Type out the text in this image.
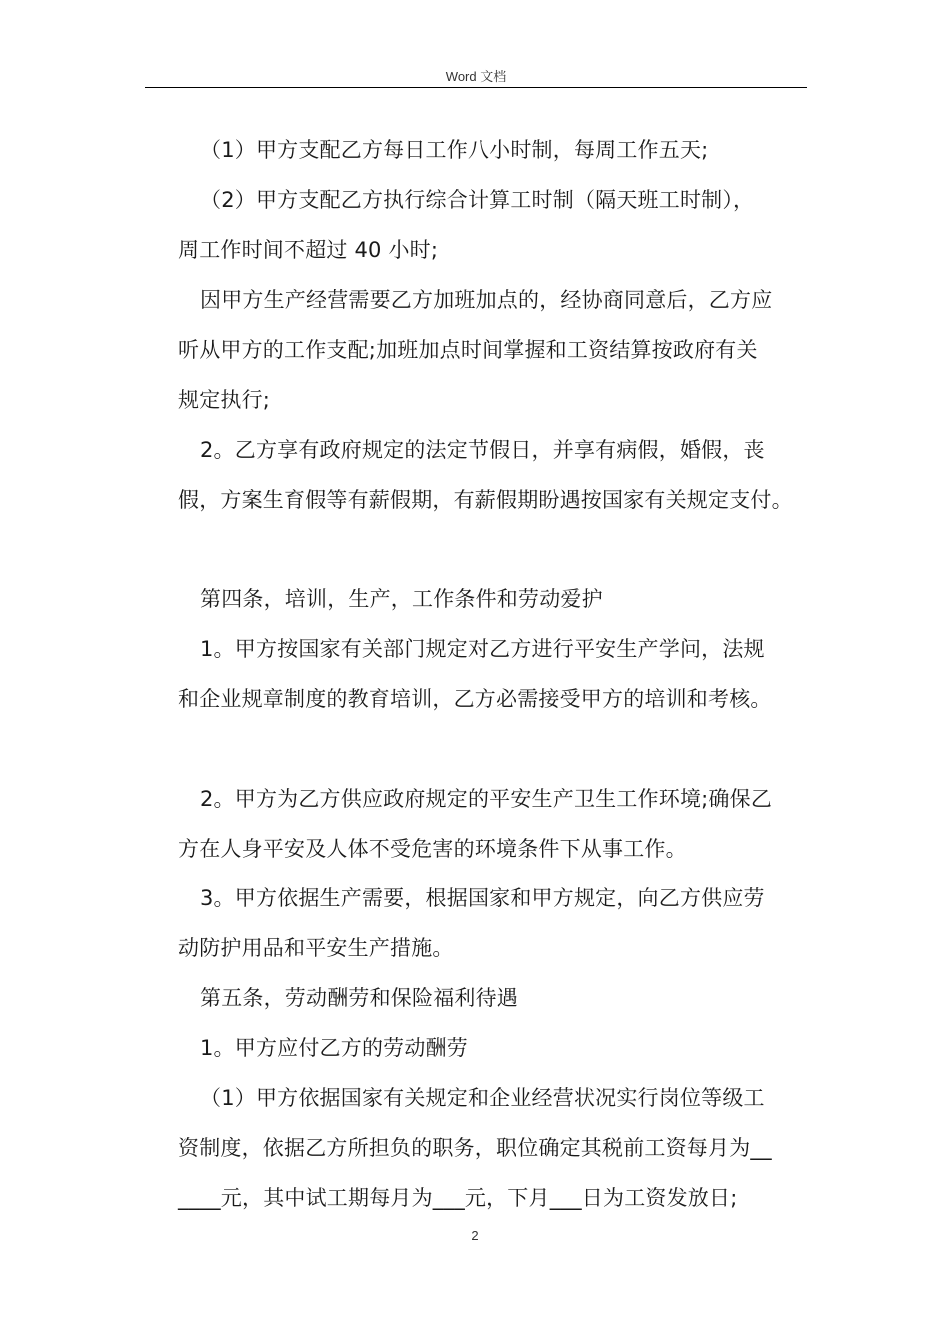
Word 文档
（1）甲方支配乙方每日工作八小时制，每周工作五天;
（2）甲方支配乙方执行综合计算工时制（隔天班工时制），
周工作时间不超过 40 小时;
因甲方生产经营需要乙方加班加点的，经协商同意后，乙方应
听从甲方的工作支配;加班加点时间掌握和工资结算按政府有关
规定执行;
2。乙方享有政府规定的法定节假日，并享有病假，婚假，丧
假，方案生育假等有薪假期，有薪假期盼遇按国家有关规定支付。
第四条，培训，生产，工作条件和劳动爱护
1。甲方按国家有关部门规定对乙方进行平安生产学问，法规
和企业规章制度的教育培训，乙方必需接受甲方的培训和考核。
2。甲方为乙方供应政府规定的平安生产卫生工作环境;确保乙
方在人身平安及人体不受危害的环境条件下从事工作。
3。甲方依据生产需要，根据国家和甲方规定，向乙方供应劳
动防护用品和平安生产措施。
第五条，劳动酬劳和保险福利待遇
1。甲方应付乙方的劳动酬劳
（1）甲方依据国家有关规定和企业经营状况实行岗位等级工
资制度，依据乙方所担负的职务，职位确定其税前工资每月为__
____元，其中试工期每月为___元，下月___日为工资发放日;
2
